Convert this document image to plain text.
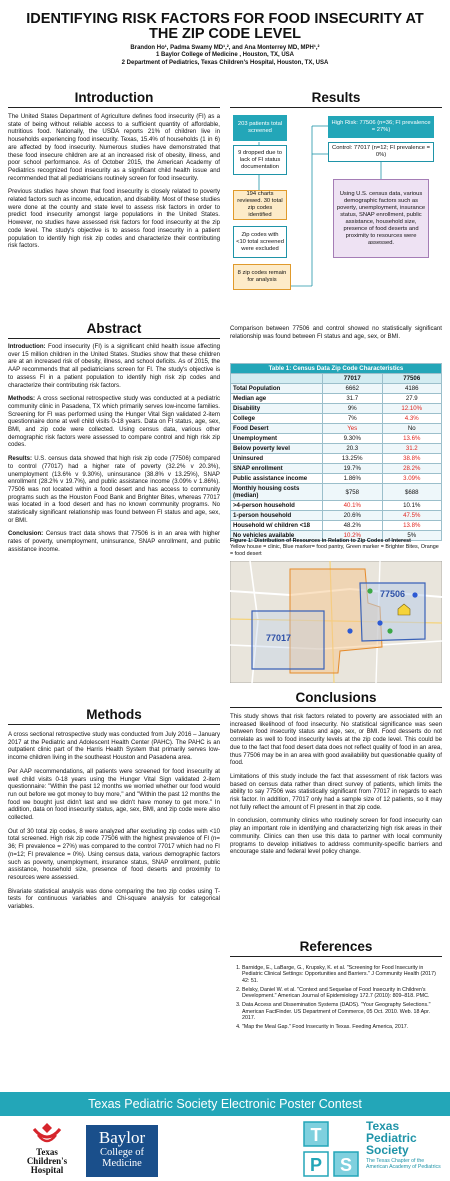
IDENTIFYING RISK FACTORS FOR FOOD INSECURITY AT THE ZIP CODE LEVEL
Brandon Ho¹, Padma Swamy MD¹,², and Ana Monterrey MD, MPH¹,²
1 Baylor College of Medicine , Houston, TX, USA
2 Department of Pediatrics, Texas Children's Hospital, Houston, TX, USA
Introduction

The United States Department of Agriculture defines food insecurity (FI) as a state of being without reliable access to a sufficient quantity of affordable, nutritious food. Nationally, the USDA reports 21% of children live in households experiencing food insecurity. Texas, 15.4% of households (1 in 6) are affected by food insecurity. Numerous studies have demonstrated that these food insecure children are at an increased risk of obesity, illness, and poor school performance. As of October 2015, the American Academy of Pediatrics recognized food insecurity as a significant child health issue and recommended that all pediatricians routinely screen for food insecurity.

Previous studies have shown that food insecurity is closely related to poverty related factors such as income, education, and disability. Most of these studies were done at the county and state level to assess risk factors in order to predict food insecurity amongst large populations in the United States. However, no studies have assessed risk factors for food insecurity at the zip code level. The study's objective is to assess food insecurity in a patient population to identify high risk zip codes and characterize their contributing risk factors.

Abstract

Introduction: Food insecurity (FI) is a significant child health issue affecting over 15 million children in the United States. Studies show that these children are at an increased risk of obesity, illness, and school deficits. As of 2015, the AAP recommends that all pediatricians screen for FI. The study's objective is to assess FI in a patient population to identify high risk zip codes and characterize their contributing risk factors.

Methods: A cross sectional retrospective study was conducted at a pediatric community clinic in Pasadena, TX which primarily serves low-income families. Screening for FI was performed using the Hunger Vital Sign validated 2-item questionnaire done at well child visits 0-18 years. Data on FI status, age, sex, BMI, and zip code were collected. Using census data, various other demographic risk factors were assessed to compare control and high risk zip codes.

Results: U.S. census data showed that high risk zip code (77506) compared to control (77017) had a higher rate of poverty (32.2% v 20.3%), unemployment (13.6% v 9.30%), uninsurance (38.8% v 13.25%), SNAP enrollment (28.2% v 19.7%), and public assistance income (3.09% v 1.86%). 77506 was not located within a food desert and has access to community programs such as the Houston Food Bank and Brighter Bites, whereas 77017 was located in a food desert and has no known community programs. No statistically significant relationship was found between FI status and age, sex, or BMI.

Conclusion: Census tract data shows that 77506 is in an area with higher rates of poverty, unemployment, uninsurance, SNAP enrollment, and public assistance income.

Methods

A cross sectional retrospective study was conducted from July 2016 – January 2017 at the Pediatric and Adolescent Health Center (PAHC). The PAHC is an outpatient clinic part of the Harris Health System that primarily serves low-income children living in the southeast Houston and Pasadena area.

Per AAP recommendations, all patients were screened for food insecurity at well child visits 0-18 years using the Hunger Vital Sign validated 2-item questionnaire: "Within the past 12 months we worried whether our food would run out before we got money to buy more," and "Within the past 12 months the food we bought just didn't last and we didn't have money to get more." In addition, data on food insecurity status, age, sex, BMI, and zip code were also collected.

Out of 30 total zip codes, 8 were analyzed after excluding zip codes with <10 total screened. High risk zip code 77506 with the highest prevalence of FI (n= 36; FI prevalence = 27%) was compared to the control 77017 which had no FI (n=12; FI prevalence = 0%). Using census data, various demographic factors such as poverty, unemployment, insurance status, SNAP enrollment, public assistance, household size, presence of food deserts and proximity to resources were assessed.

Bivariate statistical analysis was done comparing the two zip codes using T-tests for continuous variables and Chi-square analysis for categorical variables.

Results
203 patients total screened
9 dropped due to lack of FI status documentation
194 charts reviewed. 30 total zip codes identified
Zip codes with <10 total screened were excluded
8 zip codes remain for analysis
High Risk: 77506 (n=36; FI prevalence = 27%)
Control: 77017 (n=12; FI prevalence = 0%)
Using U.S. census data, various demographic factors such as poverty, unemployment, insurance status, SNAP enrollment, public assistance, household size, presence of food deserts and proximity to resources were assessed.

Comparison between 77506 and control showed no statistically significant relationship was found between FI status and age, sex, or BMI.

Table 1: Census Data Zip Code Characteristics		
	77017	77506
Total Population	6662	4186
Median age	31.7	27.9
Disability	9%	12.10%
College	7%	4.3%
Food Desert	Yes	No
Unemployment	9.30%	13.6%
Below poverty level	20.3	31.2
Uninsured	13.25%	38.8%
SNAP enrollment	19.7%	28.2%
Public assistance income	1.86%	3.09%
Monthly housing costs (median)	$758	$688
>4-person household	40.1%	10.1%
1-person household	20.6%	47.5%
Household w/ children <18	48.2%	13.8%
No vehicles available	10.2%	5%
Figure 1: Distribution of Resources in Relation to Zip Codes of Interest
Yellow house = clinic, Blue marker= food pantry, Green marker = Brighter Bites, Orange = food desert
77506
77017
Conclusions

This study shows that risk factors related to poverty are associated with an increased likelihood of food insecurity. No statistical significance was seen between food insecurity status and age, sex, or BMI. Food desserts do not correlate as well to food insecurity levels at the zip code level. This could be due to the fact that food desert data does not reflect quality of food in an area, thus 77506 may be in an area with good availability but questionable quality of food.

Limitations of this study include the fact that assessment of risk factors was based on census data rather than direct survey of patients, which limits the ability to say 77506 was statistically significant from 77017 in regards to each risk factor. In addition, 77017 only had a sample size of 12 patients, so it may not fully reflect the amount of FI present in that zip code.

In conclusion, community clinics who routinely screen for food insecurity can play an important role in identifying and characterizing high risk areas in their community. Clinics can then use this data to partner with local community programs to develop initiatives to address community-specific barriers and encourage state and federal level policy change.

References
1. Barnidge, E., LaBarge, G., Krupsky, K. et al. "Screening for Food Insecurity in Pediatric Clinical Settings: Opportunities and Barriers." J Community Health (2017) 42: 51.
2. Belsky, Daniel W. et al. "Context and Sequelae of Food Insecurity in Children's Development." American Journal of Epidemiology 172.7 (2010): 809–818. PMC.
3. Data Access and Dissemination Systems (DADS). "Your Geography Selections." American FactFinder. US Department of Commerce, 05 Oct. 2010. Web. 18 Apr. 2017.
4. "Map the Meal Gap." Food Insecurity in Texas. Feeding America, 2017.
Texas Pediatric Society Electronic Poster Contest
Texas
Children's
Hospital
Baylor
College of
Medicine
T
P S
Texas
Pediatric
Society
The Texas Chapter of the
American Academy of Pediatrics
